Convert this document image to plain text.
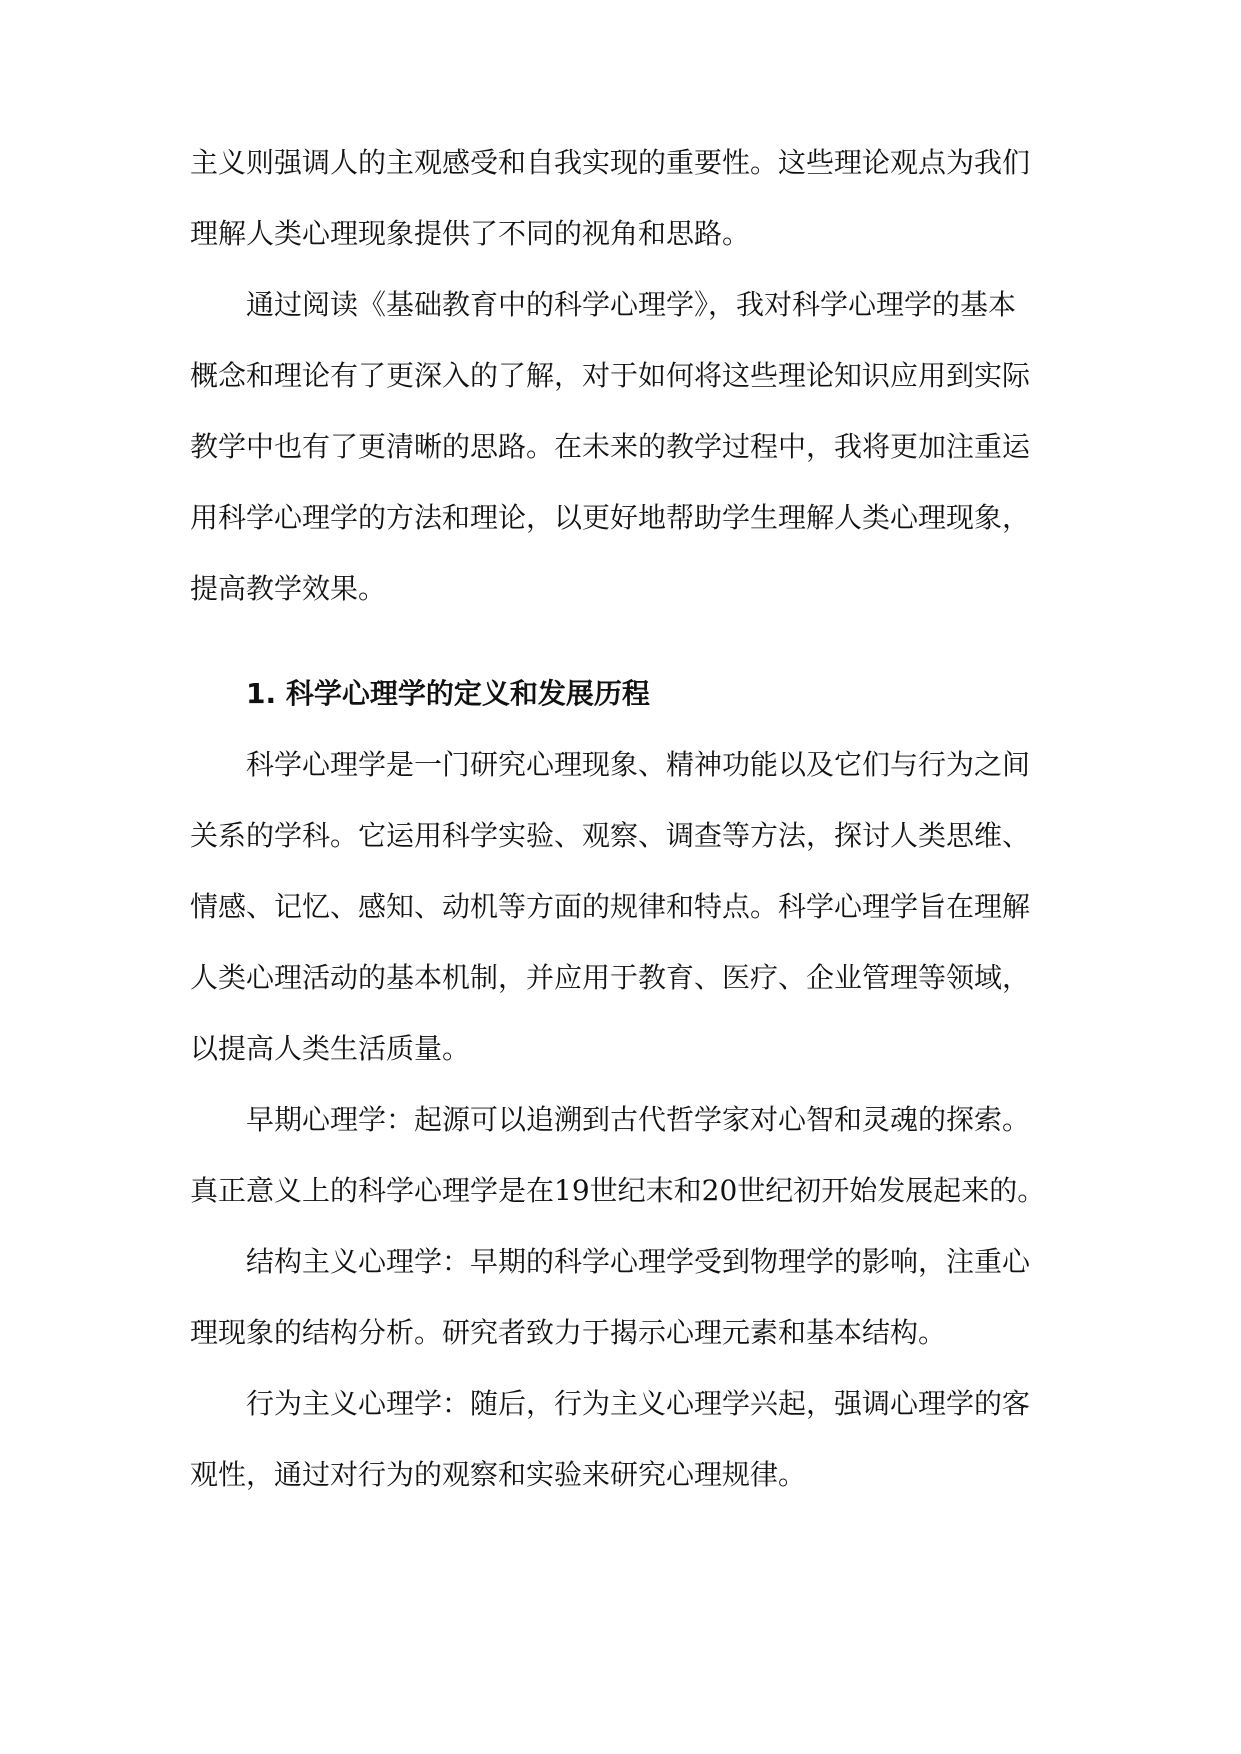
主义则强调人的主观感受和自我实现的重要性。这些理论观点为我们
理解人类心理现象提供了不同的视角和思路。
通过阅读《基础教育中的科学心理学》，我对科学心理学的基本
概念和理论有了更深入的了解，对于如何将这些理论知识应用到实际
教学中也有了更清晰的思路。在未来的教学过程中，我将更加注重运
用科学心理学的方法和理论，以更好地帮助学生理解人类心理现象，
提高教学效果。
1. 科学心理学的定义和发展历程
科学心理学是一门研究心理现象、精神功能以及它们与行为之间
关系的学科。它运用科学实验、观察、调查等方法，探讨人类思维、
情感、记忆、感知、动机等方面的规律和特点。科学心理学旨在理解
人类心理活动的基本机制，并应用于教育、医疗、企业管理等领域，
以提高人类生活质量。
早期心理学：起源可以追溯到古代哲学家对心智和灵魂的探索。
真正意义上的科学心理学是在19世纪末和20世纪初开始发展起来的。
结构主义心理学：早期的科学心理学受到物理学的影响，注重心
理现象的结构分析。研究者致力于揭示心理元素和基本结构。
行为主义心理学：随后，行为主义心理学兴起，强调心理学的客
观性，通过对行为的观察和实验来研究心理规律。
